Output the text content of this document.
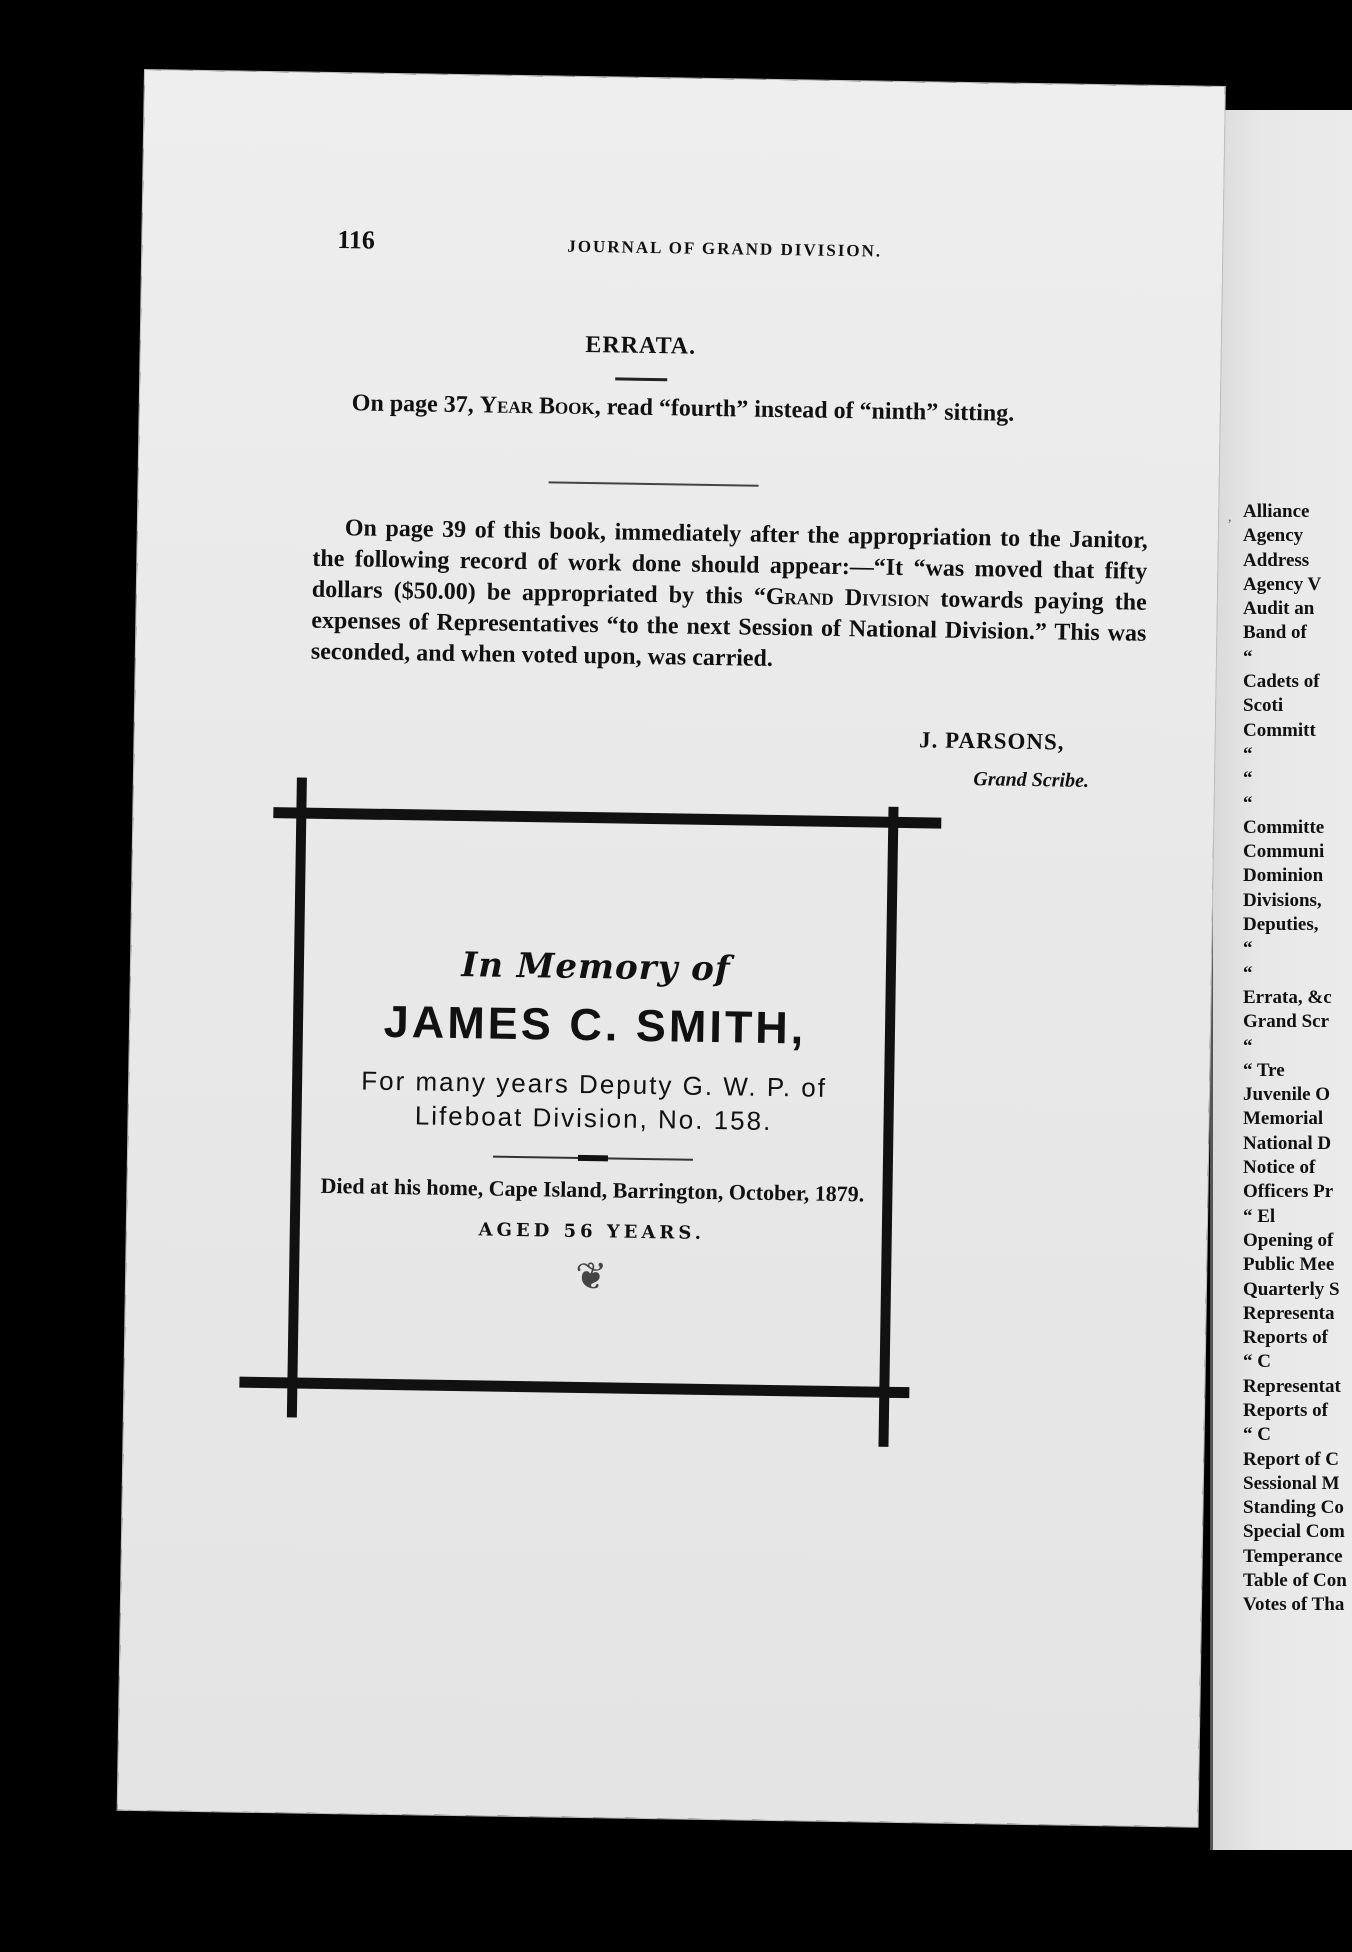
, Alliance
Agency
Address
Agency V
Audit an
Band of
“
Cadets of
Scoti
Committ
“
“
“
Committe
Communi
Dominion
Divisions,
Deputies,
“
“
Errata, &c
Grand Scr
“
“ Tre
Juvenile O
Memorial
National D
Notice of
Officers Pr
“ El
Opening of
Public Mee
Quarterly S
Representa
Reports of
“ C
Representat
Reports of
“ C
Report of C
Sessional M
Standing Co
Special Com
Temperance
Table of Con
Votes of Tha
116	JOURNAL OF GRAND DIVISION.
ERRATA.
On page 37, Year Book, read “fourth” instead of “ninth” sitting.
On page 39 of this book, immediately after the appropriation to the Janitor, the following record of work done should appear:—“It “was moved that fifty dollars ($50.00) be appropriated by this “Grand Division towards paying the expenses of Representatives “to the next Session of National Division.” This was seconded, and when voted upon, was carried.
J. PARSONS,
Grand Scribe.
In Memory of
JAMES C. SMITH,
For many years Deputy G. W. P. of
Lifeboat Division, No. 158.
Died at his home, Cape Island, Barrington, October, 1879.
AGED 56 YEARS.
❦
